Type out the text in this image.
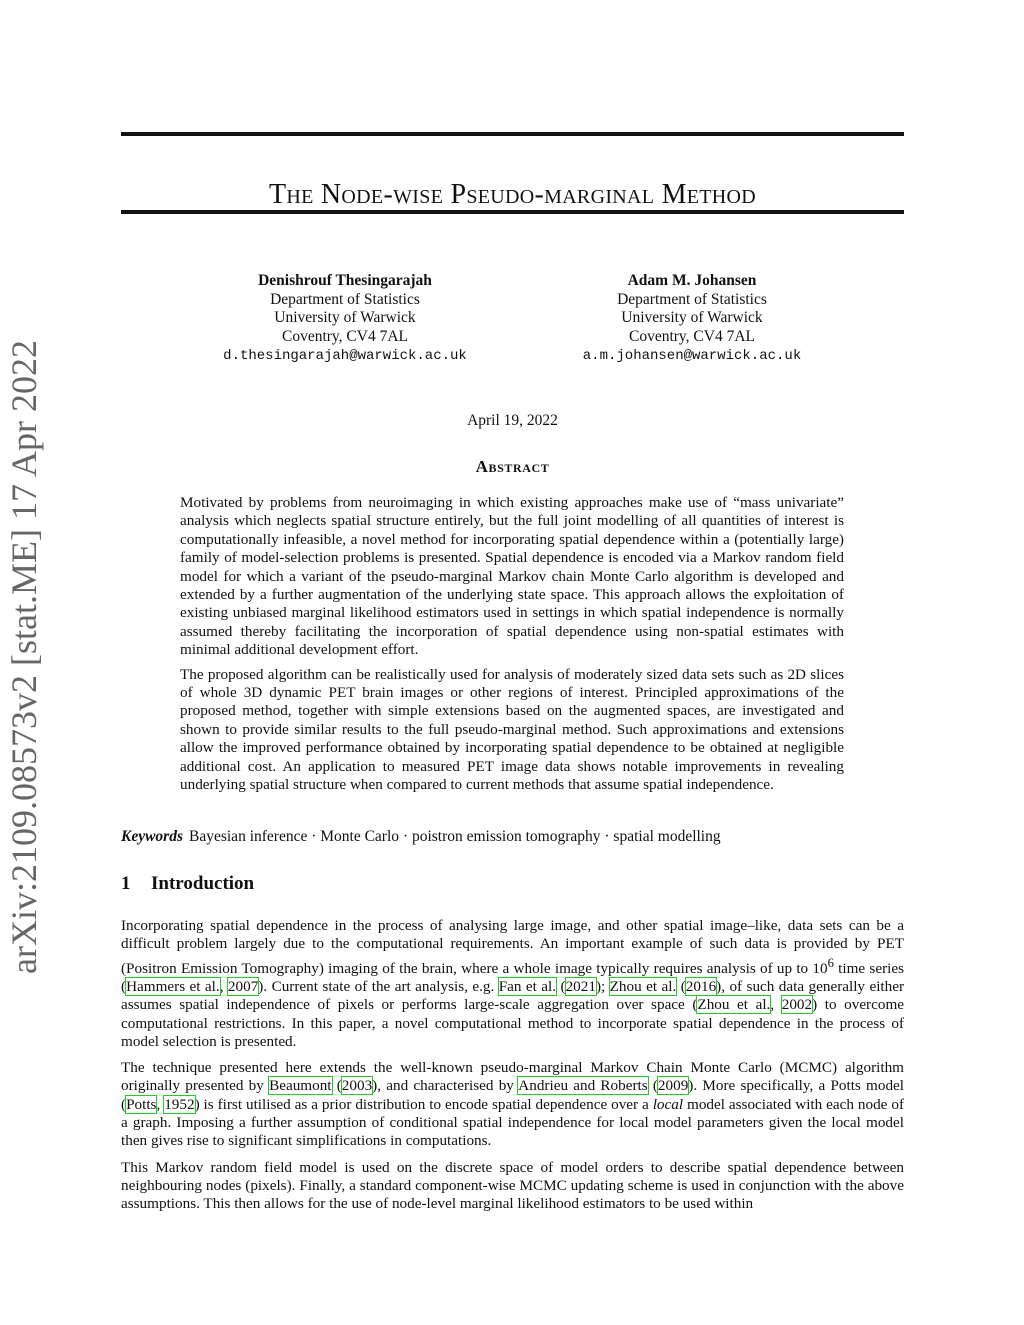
arXiv:2109.08573v2 [stat.ME] 17 Apr 2022
The Node-wise Pseudo-marginal Method
Denishrouf Thesingarajah
Department of Statistics
University of Warwick
Coventry, CV4 7AL
d.thesingarajah@warwick.ac.uk
Adam M. Johansen
Department of Statistics
University of Warwick
Coventry, CV4 7AL
a.m.johansen@warwick.ac.uk
April 19, 2022
Abstract

Motivated by problems from neuroimaging in which existing approaches make use of “mass univariate” analysis which neglects spatial structure entirely, but the full joint modelling of all quantities of interest is computationally infeasible, a novel method for incorporating spatial dependence within a (potentially large) family of model-selection problems is presented. Spatial dependence is encoded via a Markov random field model for which a variant of the pseudo-marginal Markov chain Monte Carlo algorithm is developed and extended by a further augmentation of the underlying state space. This approach allows the exploitation of existing unbiased marginal likelihood estimators used in settings in which spatial independence is normally assumed thereby facilitating the incorporation of spatial dependence using non-spatial estimates with minimal additional development effort.

The proposed algorithm can be realistically used for analysis of moderately sized data sets such as 2D slices of whole 3D dynamic PET brain images or other regions of interest. Principled approximations of the proposed method, together with simple extensions based on the augmented spaces, are investigated and shown to provide similar results to the full pseudo-marginal method. Such approximations and extensions allow the improved performance obtained by incorporating spatial dependence to be obtained at negligible additional cost. An application to measured PET image data shows notable improvements in revealing underlying spatial structure when compared to current methods that assume spatial independence.

Keywords Bayesian inference · Monte Carlo · poistron emission tomography · spatial modelling
1 Introduction

Incorporating spatial dependence in the process of analysing large image, and other spatial image–like, data sets can be a difficult problem largely due to the computational requirements. An important example of such data is provided by PET (Positron Emission Tomography) imaging of the brain, where a whole image typically requires analysis of up to $10^6$ time series (Hammers et al., 2007). Current state of the art analysis, e.g. Fan et al. (2021); Zhou et al. (2016), of such data generally either assumes spatial independence of pixels or performs large-scale aggregation over space (Zhou et al., 2002) to overcome computational restrictions. In this paper, a novel computational method to incorporate spatial dependence in the process of model selection is presented.

The technique presented here extends the well-known pseudo-marginal Markov Chain Monte Carlo (MCMC) algorithm originally presented by Beaumont (2003), and characterised by Andrieu and Roberts (2009). More specifically, a Potts model (Potts, 1952) is first utilised as a prior distribution to encode spatial dependence over a local model associated with each node of a graph. Imposing a further assumption of conditional spatial independence for local model parameters given the local model then gives rise to significant simplifications in computations.

This Markov random field model is used on the discrete space of model orders to describe spatial dependence between neighbouring nodes (pixels). Finally, a standard component-wise MCMC updating scheme is used in conjunction with the above assumptions. This then allows for the use of node-level marginal likelihood estimators to be used within
